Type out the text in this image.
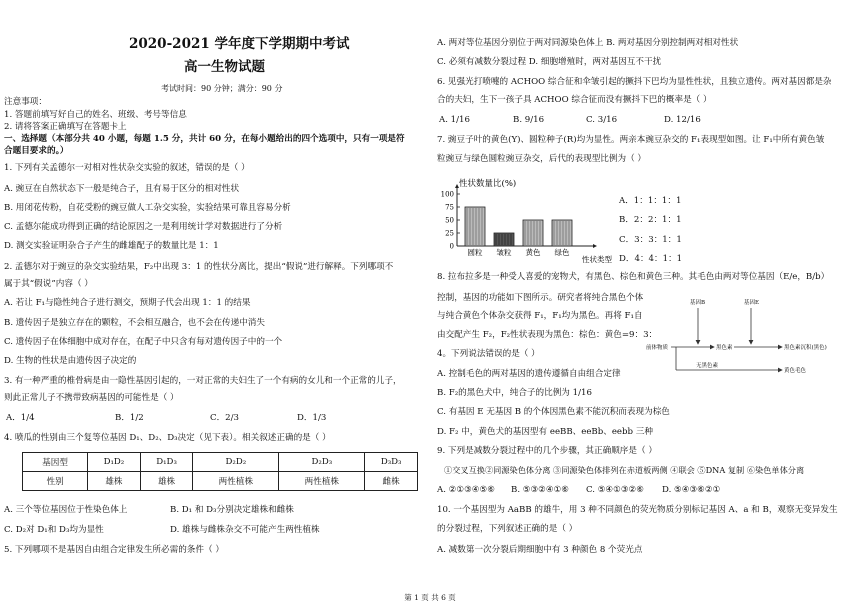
2020-2021 学年度下学期期中考试
高一生物试题
考试时间：90 分钟；满分：90 分
注意事项：
1. 答题前填写好自己的姓名、班级、考号等信息
2. 请将答案正确填写在答题卡上
一、选择题（本部分共 40 小题，每题 1.5 分，共计 60 分，在每小题给出的四个选项中，只有一项是符
合题目要求的。）
1. 下列有关孟德尔一对相对性状杂交实验的叙述，错误的是（ ）
A. 豌豆在自然状态下一般是纯合子，且有易于区分的相对性状
B. 用闭花传粉，自花受粉的豌豆做人工杂交实验，实验结果可靠且容易分析
C. 孟德尔能成功得到正确的结论原因之一是利用统计学对数据进行了分析
D. 测交实验证明杂合子产生的雌雄配子的数量比是 1：1
2. 孟德尔对于豌豆的杂交实验结果，F₂中出现 3：1 的性状分离比，提出“假说”进行解释。下列哪项不
属于其“假说”内容（ ）
A. 若让 F₁与隐性纯合子进行测交，预期子代会出现 1：1 的结果
B. 遗传因子是独立存在的颗粒，不会相互融合，也不会在传递中消失
C. 遗传因子在体细胞中成对存在，在配子中只含有每对遗传因子中的一个
D. 生物的性状是由遗传因子决定的
3. 有一种严重的椎骨病是由一隐性基因引起的，一对正常的夫妇生了一个有病的女儿和一个正常的儿子，
则此正常儿子不携带致病基因的可能性是（ ）
A．1/4	B．1/2	C．2/3	D．1/3
4. 喷瓜的性别由三个复等位基因 D₁、D₂、D₃决定（见下表）。相关叙述正确的是（ ）
基因型	D₁D₂	D₁D₃	D₂D₂	D₂D₃	D₃D₃
性别	雄株	雄株	两性植株	两性植株	雌株
A. 三个等位基因位于性染色体上	B. D₁ 和 D₃分别决定雄株和雌株
C. D₂对 D₁和 D₃均为显性	D. 雄株与雌株杂交不可能产生两性植株
5. 下列哪项不是基因自由组合定律发生所必需的条件（ ）
A. 两对等位基因分别位于两对同源染色体上 B. 两对基因分别控制两对相对性状
C. 必须有减数分裂过程 D. 细胞增殖时，两对基因互不干扰
6. 见强光打喷嚏的 ACHOO 综合征和伞皱引起的撅抖下巴均为显性性状，且独立遗传。两对基因都是杂
合的夫妇，生下一孩子具 ACHOO 综合征而没有撅抖下巴的概率是（ ）
A. 1/16	B. 9/16	C. 3/16	D. 12/16
7. 豌豆子叶的黄色(Y)、圆粒种子(R)均为显性。两亲本豌豆杂交的 F₁表现型如图。让 F₁中所有黄色皱
粒豌豆与绿色圆粒豌豆杂交，后代的表现型比例为（ ）
性状数量比(%)
性状类型
0
25
50
75
100
圆粒 皱粒 黄色 绿色
A．1：1：1：1
B．2：2：1：1
C．3：3：1：1
D．4：4：1：1
8. 拉布拉多是一种受人喜爱的宠物犬，有黑色、棕色和黄色三种。其毛色由两对等位基因（E/e，B/b）
控制，基因的功能如下图所示。研究者将纯合黑色个体
与纯合黄色个体杂交获得 F₁，F₁均为黑色。再将 F₁自
由交配产生 F₂，F₂性状表现为黑色：棕色：黄色=9：3：
4。下列说法错误的是（ ）
基因B	基因E
前体物质	黑色素	黑色素沉积(黑色)
无黑色素
黄色毛色
A. 控制毛色的两对基因的遗传遵循自由组合定律
B. F₂的黑色犬中，纯合子的比例为 1/16
C. 有基因 E 无基因 B 的个体因黑色素不能沉积而表现为棕色
D. F₂ 中，黄色犬的基因型有 eeBB、eeBb、eebb 三种
9. 下列是减数分裂过程中的几个步骤，其正确顺序是（ ）
①交叉互换②同源染色体分离 ③同源染色体排列在赤道板两侧 ④联会 ⑤DNA 复制 ⑥染色单体分离
A. ②①③④⑤⑥ B. ⑤③②④①⑥ C. ⑤④①③②⑥ D. ⑤④③⑥②①
10. 一个基因型为 AaBB 的雄牛，用 3 种不同颜色的荧光物质分别标记基因 A、a 和 B，观察无变异发生
的分裂过程，下列叙述正确的是（ ）
A. 减数第一次分裂后期细胞中有 3 种颜色 8 个荧光点
第 1 页 共 6 页
